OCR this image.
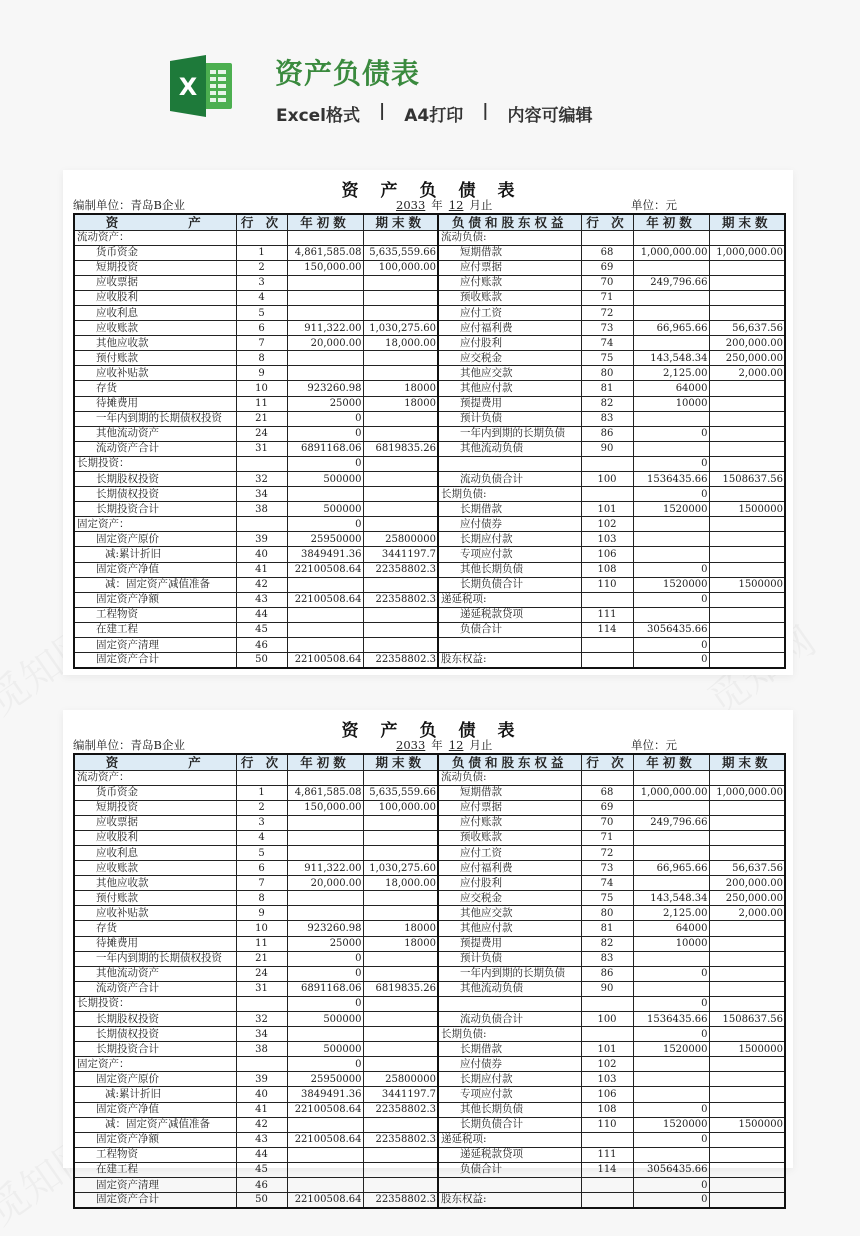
X	资产负债表
Excel格式 | A4打印 | 内容可编辑
资产负债表
编制单位：青岛B企业	2033 年 12 月止	单位：元
资　　　　产	行 次	年初数	期末数	负债和股东权益	行 次	年初数	期末数
流动资产：				流动负债:			
货币资金	1	4,861,585.08	5,635,559.66	短期借款	68	1,000,000.00	1,000,000.00
短期投资	2	150,000.00	100,000.00	应付票据	69		
应收票据	3			应付账款	70	249,796.66	
应收股利	4			预收账款	71		
应收利息	5			应付工资	72		
应收账款	6	911,322.00	1,030,275.60	应付福利费	73	66,965.66	56,637.56
其他应收款	7	20,000.00	18,000.00	应付股利	74		200,000.00
预付账款	8			应交税金	75	143,548.34	250,000.00
应收补贴款	9			其他应交款	80	2,125.00	2,000.00
存货	10	923260.98	18000	其他应付款	81	64000	
待摊费用	11	25000	18000	预提费用	82	10000	
一年内到期的长期债权投资	21	0		预计负债	83		
其他流动资产	24	0		一年内到期的长期负债	86	0	
流动资产合计	31	6891168.06	6819835.26	其他流动负债	90		
长期投资：		0				0	
长期股权投资	32	500000		流动负债合计	100	1536435.66	1508637.56
长期债权投资	34			长期负债:		0	
长期投资合计	38	500000		长期借款	101	1520000	1500000
固定资产：		0		应付债券	102		
固定资产原价	39	25950000	25800000	长期应付款	103		
减:累计折旧	40	3849491.36	3441197.7	专项应付款	106		
固定资产净值	41	22100508.64	22358802.3	其他长期负债	108	0	
减：固定资产减值准备	42			长期负债合计	110	1520000	1500000
固定资产净额	43	22100508.64	22358802.3	递延税项:		0	
工程物资	44			递延税款贷项	111		
在建工程	45			负债合计	114	3056435.66	
固定资产清理	46					0	
固定资产合计	50	22100508.64	22358802.3	股东权益:		0	
资产负债表
编制单位：青岛B企业	2033 年 12 月止	单位：元
资　　　　产	行 次	年初数	期末数	负债和股东权益	行 次	年初数	期末数
流动资产：				流动负债:			
货币资金	1	4,861,585.08	5,635,559.66	短期借款	68	1,000,000.00	1,000,000.00
短期投资	2	150,000.00	100,000.00	应付票据	69		
应收票据	3			应付账款	70	249,796.66	
应收股利	4			预收账款	71		
应收利息	5			应付工资	72		
应收账款	6	911,322.00	1,030,275.60	应付福利费	73	66,965.66	56,637.56
其他应收款	7	20,000.00	18,000.00	应付股利	74		200,000.00
预付账款	8			应交税金	75	143,548.34	250,000.00
应收补贴款	9			其他应交款	80	2,125.00	2,000.00
存货	10	923260.98	18000	其他应付款	81	64000	
待摊费用	11	25000	18000	预提费用	82	10000	
一年内到期的长期债权投资	21	0		预计负债	83		
其他流动资产	24	0		一年内到期的长期负债	86	0	
流动资产合计	31	6891168.06	6819835.26	其他流动负债	90		
长期投资：		0				0	
长期股权投资	32	500000		流动负债合计	100	1536435.66	1508637.56
长期债权投资	34			长期负债:		0	
长期投资合计	38	500000		长期借款	101	1520000	1500000
固定资产：		0		应付债券	102		
固定资产原价	39	25950000	25800000	长期应付款	103		
减:累计折旧	40	3849491.36	3441197.7	专项应付款	106		
固定资产净值	41	22100508.64	22358802.3	其他长期负债	108	0	
减：固定资产减值准备	42			长期负债合计	110	1520000	1500000
固定资产净额	43	22100508.64	22358802.3	递延税项:		0	
工程物资	44			递延税款贷项	111		
在建工程	45			负债合计	114	3056435.66	
固定资产清理	46					0	
固定资产合计	50	22100508.64	22358802.3	股东权益:		0	
